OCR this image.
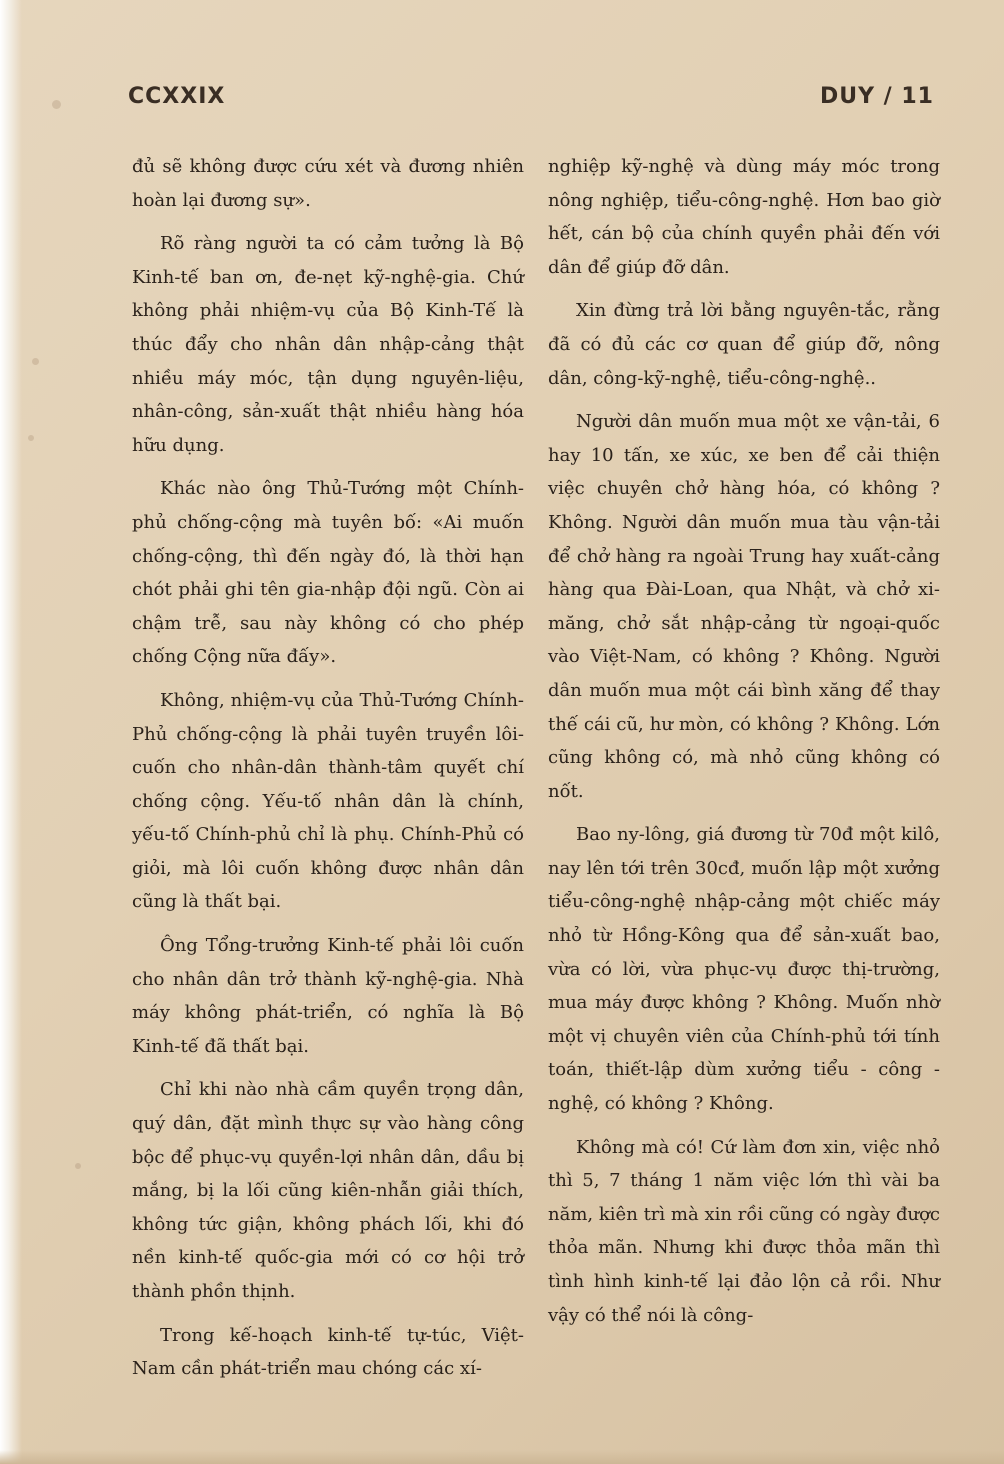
CCXXIX	DUY / 11

đủ sẽ không được cứu xét và đương nhiên hoàn lại đương sự».

Rõ ràng người ta có cảm tưởng là Bộ Kinh-tế ban ơn, đe-nẹt kỹ-nghệ-gia. Chứ không phải nhiệm-vụ của Bộ Kinh-Tế là thúc đẩy cho nhân dân nhập-cảng thật nhiều máy móc, tận dụng nguyên-liệu, nhân-công, sản-xuất thật nhiều hàng hóa hữu dụng.

Khác nào ông Thủ-Tướng một Chính-phủ chống-cộng mà tuyên bố: «Ai muốn chống-cộng, thì đến ngày đó, là thời hạn chót phải ghi tên gia-nhập đội ngũ. Còn ai chậm trễ, sau này không có cho phép chống Cộng nữa đấy».

Không, nhiệm-vụ của Thủ-Tướng Chính-Phủ chống-cộng là phải tuyên truyền lôi-cuốn cho nhân-dân thành-tâm quyết chí chống cộng. Yếu-tố nhân dân là chính, yếu-tố Chính-phủ chỉ là phụ. Chính-Phủ có giỏi, mà lôi cuốn không được nhân dân cũng là thất bại.

Ông Tổng-trưởng Kinh-tế phải lôi cuốn cho nhân dân trở thành kỹ-nghệ-gia. Nhà máy không phát-triển, có nghĩa là Bộ Kinh-tế đã thất bại.

Chỉ khi nào nhà cầm quyền trọng dân, quý dân, đặt mình thực sự vào hàng công bộc để phục-vụ quyền-lợi nhân dân, dầu bị mắng, bị la lối cũng kiên-nhẫn giải thích, không tức giận, không phách lối, khi đó nền kinh-tế quốc-gia mới có cơ hội trở thành phồn thịnh.

Trong kế-hoạch kinh-tế tự-túc, Việt-Nam cần phát-triển mau chóng các xí-

nghiệp kỹ-nghệ và dùng máy móc trong nông nghiệp, tiểu-công-nghệ. Hơn bao giờ hết, cán bộ của chính quyền phải đến với dân để giúp đỡ dân.

Xin đừng trả lời bằng nguyên-tắc, rằng đã có đủ các cơ quan để giúp đỡ, nông dân, công-kỹ-nghệ, tiểu-công-nghệ..

Người dân muốn mua một xe vận-tải, 6 hay 10 tấn, xe xúc, xe ben để cải thiện việc chuyên chở hàng hóa, có không ? Không. Người dân muốn mua tàu vận-tải để chở hàng ra ngoài Trung hay xuất-cảng hàng qua Đài-Loan, qua Nhật, và chở xi-măng, chở sắt nhập-cảng từ ngoại-quốc vào Việt-Nam, có không ? Không. Người dân muốn mua một cái bình xăng để thay thế cái cũ, hư mòn, có không ? Không. Lớn cũng không có, mà nhỏ cũng không có nốt.

Bao ny-lông, giá đương từ 70đ một kilô, nay lên tới trên 30cđ, muốn lập một xưởng tiểu-công-nghệ nhập-cảng một chiếc máy nhỏ từ Hồng-Kông qua để sản-xuất bao, vừa có lời, vừa phục-vụ được thị-trường, mua máy được không ? Không. Muốn nhờ một vị chuyên viên của Chính-phủ tới tính toán, thiết-lập dùm xưởng tiểu - công - nghệ, có không ? Không.

Không mà có! Cứ làm đơn xin, việc nhỏ thì 5, 7 tháng 1 năm việc lớn thì vài ba năm, kiên trì mà xin rồi cũng có ngày được thỏa mãn. Nhưng khi được thỏa mãn thì tình hình kinh-tế lại đảo lộn cả rồi. Như vậy có thể nói là công-
